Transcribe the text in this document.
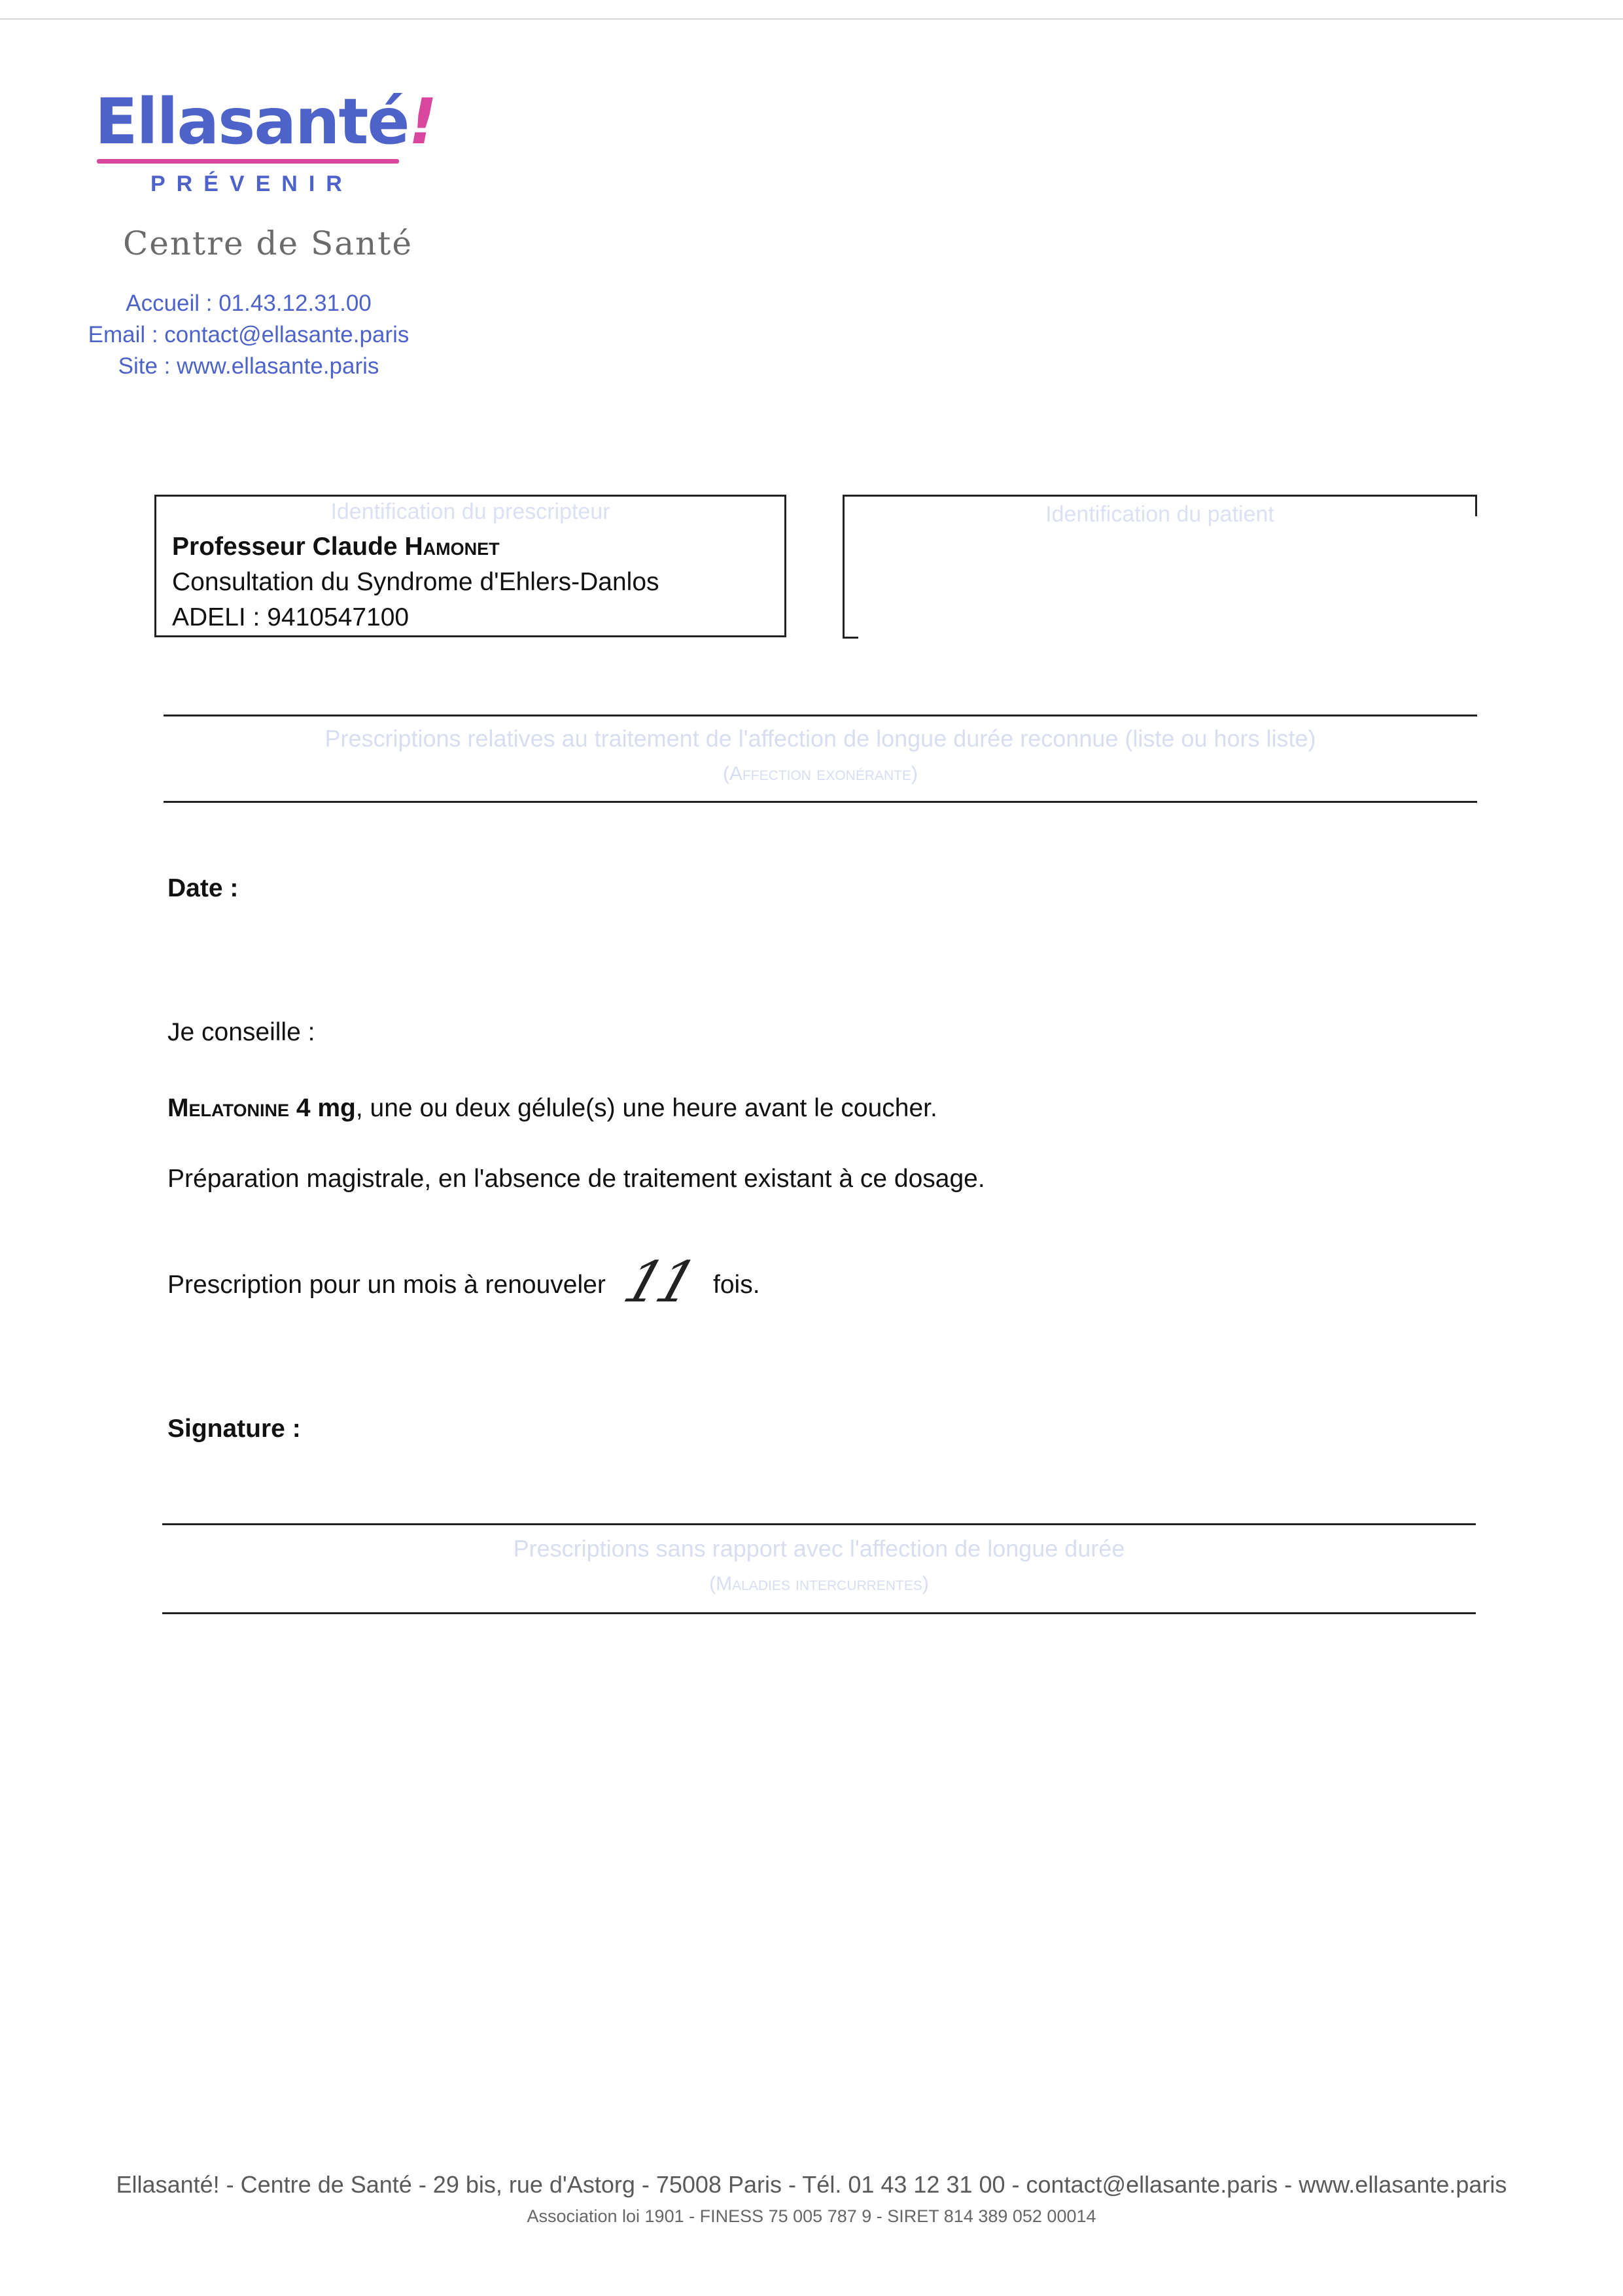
Ellasanté!
PRÉVENIR
Centre de Santé
Accueil : 01.43.12.31.00
Email : contact@ellasante.paris
Site : www.ellasante.paris
Identification du prescripteur
Professeur Claude Hamonet
Consultation du Syndrome d'Ehlers-Danlos
ADELI : 9410547100
Identification du patient
Prescriptions relatives au traitement de l'affection de longue durée reconnue (liste ou hors liste)
(Affection exonérante)
Date :
Je conseille :
Melatonine 4 mg, une ou deux gélule(s) une heure avant le coucher.
Préparation magistrale, en l'absence de traitement existant à ce dosage.
Prescription pour un mois à renouveler 11 fois.
Signature :
Prescriptions sans rapport avec l'affection de longue durée
(Maladies intercurrentes)
Ellasanté! - Centre de Santé - 29 bis, rue d'Astorg - 75008 Paris - Tél. 01 43 12 31 00 - contact@ellasante.paris - www.ellasante.paris
Association loi 1901 - FINESS 75 005 787 9 - SIRET 814 389 052 00014
